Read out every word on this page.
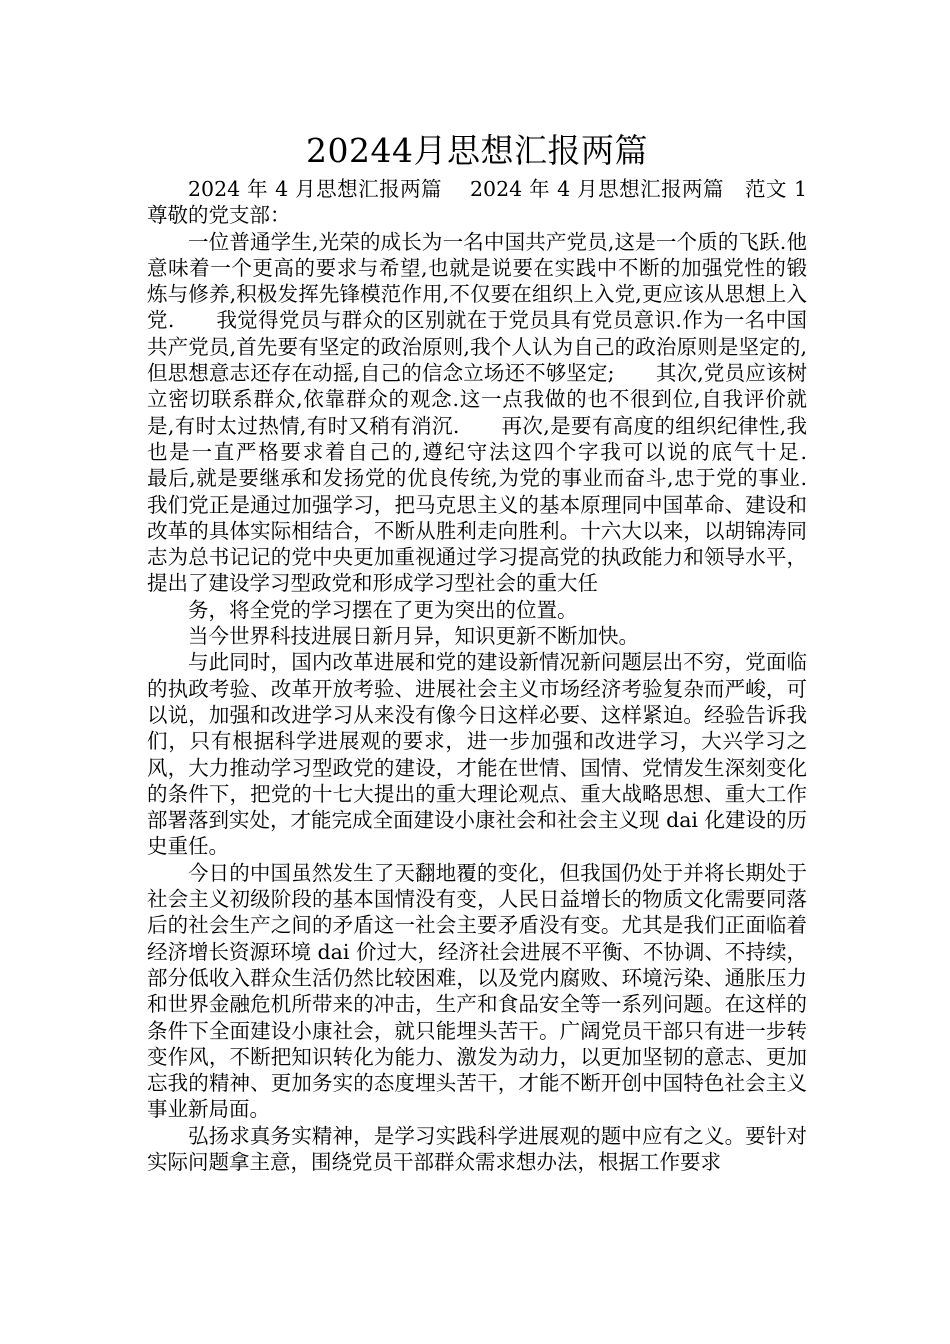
20244月思想汇报两篇

2024 年 4 月思想汇报两篇　 2024 年 4 月思想汇报两篇　范文 1　尊敬的党支部：

一位普通学生,光荣的成长为一名中国共产党员,这是一个质的飞跃.他意味着一个更高的要求与希望,也就是说要在实践中不断的加强党性的锻炼与修养,积极发挥先锋模范作用,不仅要在组织上入党,更应该从思想上入党.　　我觉得党员与群众的区别就在于党员具有党员意识.作为一名中国共产党员,首先要有坚定的政治原则,我个人认为自己的政治原则是坚定的,但思想意志还存在动摇,自己的信念立场还不够坚定;　　其次,党员应该树立密切联系群众,依靠群众的观念.这一点我做的也不很到位,自我评价就是,有时太过热情,有时又稍有消沉.　　再次,是要有高度的组织纪律性,我也是一直严格要求着自己的,遵纪守法这四个字我可以说的底气十足.　　最后,就是要继承和发扬党的优良传统,为党的事业而奋斗,忠于党的事业.我们党正是通过加强学习，把马克思主义的基本原理同中国革命、建设和改革的具体实际相结合，不断从胜利走向胜利。十六大以来，以胡锦涛同志为总书记记的党中央更加重视通过学习提高党的执政能力和领导水平，提出了建设学习型政党和形成学习型社会的重大任

务，将全党的学习摆在了更为突出的位置。

当今世界科技进展日新月异，知识更新不断加快。

与此同时，国内改革进展和党的建设新情况新问题层出不穷，党面临的执政考验、改革开放考验、进展社会主义市场经济考验复杂而严峻，可以说，加强和改进学习从来没有像今日这样必要、这样紧迫。经验告诉我们，只有根据科学进展观的要求，进一步加强和改进学习，大兴学习之风，大力推动学习型政党的建设，才能在世情、国情、党情发生深刻变化的条件下，把党的十七大提出的重大理论观点、重大战略思想、重大工作部署落到实处，才能完成全面建设小康社会和社会主义现 dai 化建设的历史重任。

今日的中国虽然发生了天翻地覆的变化，但我国仍处于并将长期处于社会主义初级阶段的基本国情没有变，人民日益增长的物质文化需要同落后的社会生产之间的矛盾这一社会主要矛盾没有变。尤其是我们正面临着经济增长资源环境 dai 价过大，经济社会进展不平衡、不协调、不持续，部分低收入群众生活仍然比较困难，以及党内腐败、环境污染、通胀压力和世界金融危机所带来的冲击，生产和食品安全等一系列问题。在这样的条件下全面建设小康社会，就只能埋头苦干。广阔党员干部只有进一步转变作风，不断把知识转化为能力、激发为动力，以更加坚韧的意志、更加忘我的精神、更加务实的态度埋头苦干，才能不断开创中国特色社会主义事业新局面。

弘扬求真务实精神，是学习实践科学进展观的题中应有之义。要针对实际问题拿主意，围绕党员干部群众需求想办法，根据工作要求
